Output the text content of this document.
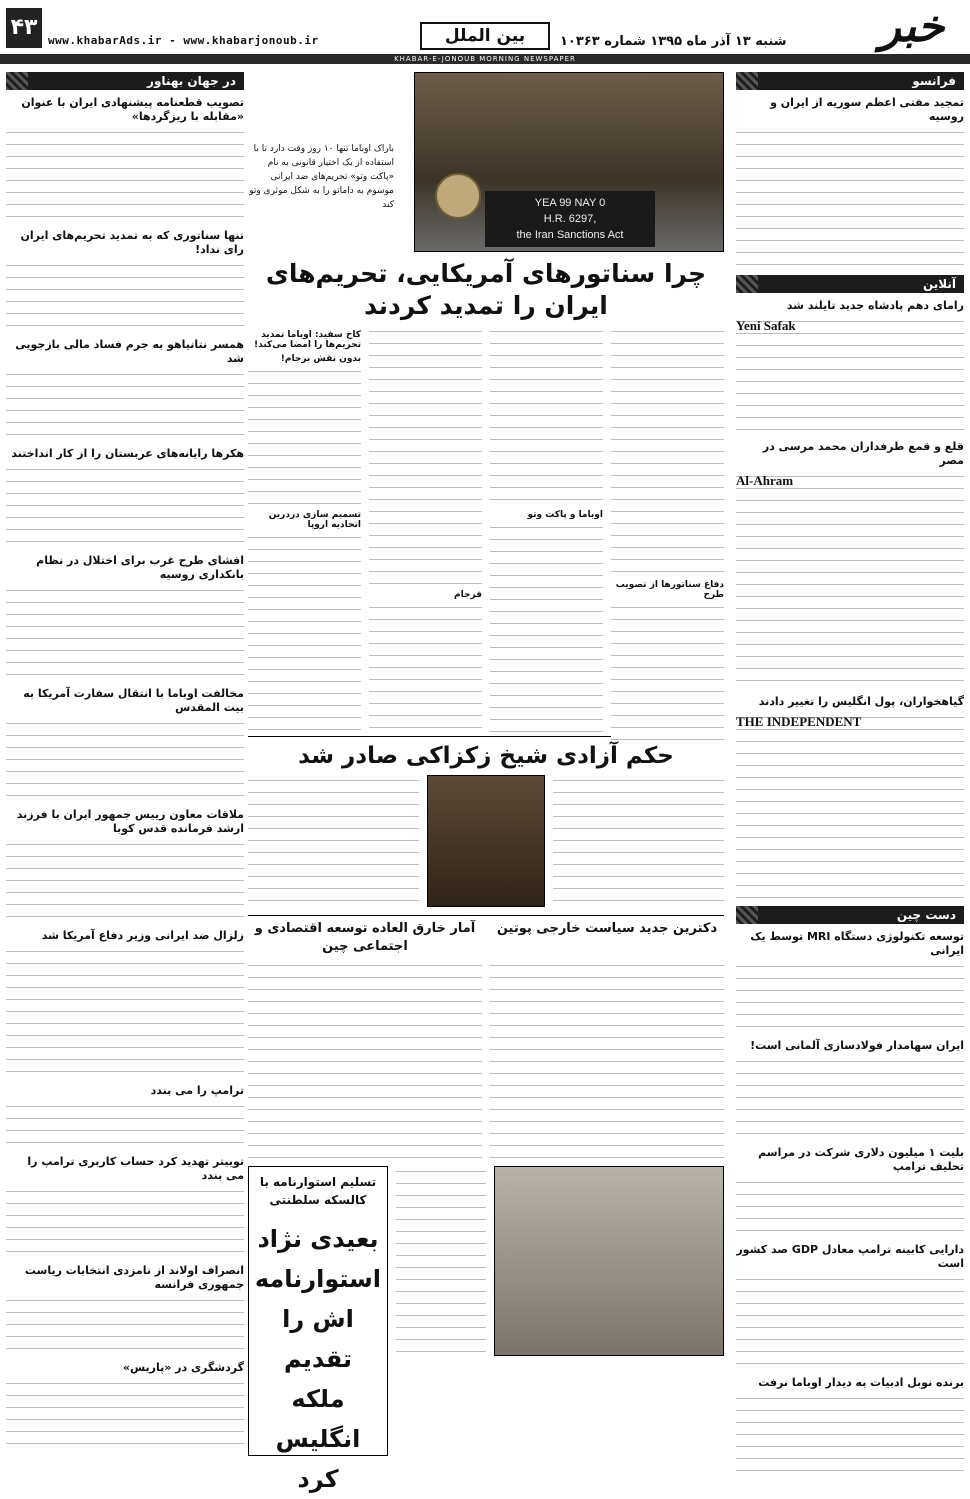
۴۳
www.khabarAds.ir - www.khabarjonoub.ir	بین الملل	شنبه ۱۳ آذر ماه ۱۳۹۵ شماره ۱۰۳۶۳	خبر
KHABAR-E-JONOUB MORNING NEWSPAPER
فرانسو
تمجید مفتی اعظم سوریه از ایران و روسیه
آنلاین
رامای دهم پادشاه جدید تایلند شد
Yeni Safak
قلع و قمع طرفداران محمد مرسی در مصر
Al-Ahram
گیاهخواران، پول انگلیس را تغییر دادند
THE INDEPENDENT
دست چین
توسعه تکنولوژی دستگاه MRI توسط یک ایرانی
ایران سهامدار فولادسازی آلمانی است!
بلیت ۱ میلیون دلاری شرکت در مراسم تحلیف ترامپ
دارایی کابینه ترامپ معادل GDP صد کشور است
برنده نوبل ادبیات به دیدار اوباما نرفت
YEA 99 NAY 0
H.R. 6297,
the Iran Sanctions Act
باراک اوباما تنها ۱۰ روز وقت دارد تا با استفاده از یک اختیار قانونی به نام «پاکت وتو» تحریم‌های ضد ایرانی موسوم به داماتو را به شکل موثری وتو کند
چرا سناتورهای آمریکایی، تحریم‌های ایران را تمدید کردند
دفاع سناتورها از تصویب طرح
اوباما و پاکت وتو
فرجام
کاخ سفید: اوباما تمدید تحریم‌ها را امضا می‌کند!
بدون نقش برجام!
تسمیم سازی دردرین اتحادیه اروپا
حکم آزادی شیخ زکزاکی صادر شد
دکترین جدید سیاست خارجی پوتین
آمار خارق العاده توسعه اقتصادی و اجتماعی چین
تسلیم استوارنامه با کالسکه سلطنتی
بعیدی نژاد استوارنامه اش را تقدیم ملکه انگلیس کرد
در جهان بهناور
تصویب قطعنامه پیشنهادی ایران با عنوان «مقابله با ریزگردها»
تنها سناتوری که به تمدید تحریم‌های ایران رای نداد!
همسر نتانیاهو به جرم فساد مالی بازجویی شد
هکرها رایانه‌های عربستان را از کار انداختند
افشای طرح غرب برای اختلال در نظام بانکداری روسیه
مخالفت اوباما با انتقال سفارت آمریکا به بیت المقدس
ملاقات معاون رییس جمهور ایران با فرزند ارشد فرمانده قدس کوبا
زلزال ضد ایرانی وزیر دفاع آمریکا شد
ترامپ را می بندد
توییتر تهدید کرد حساب کاربری ترامپ را می بندد
انصراف اولاند از نامزدی انتخابات ریاست جمهوری فرانسه
گردشگری در «پاریس»
